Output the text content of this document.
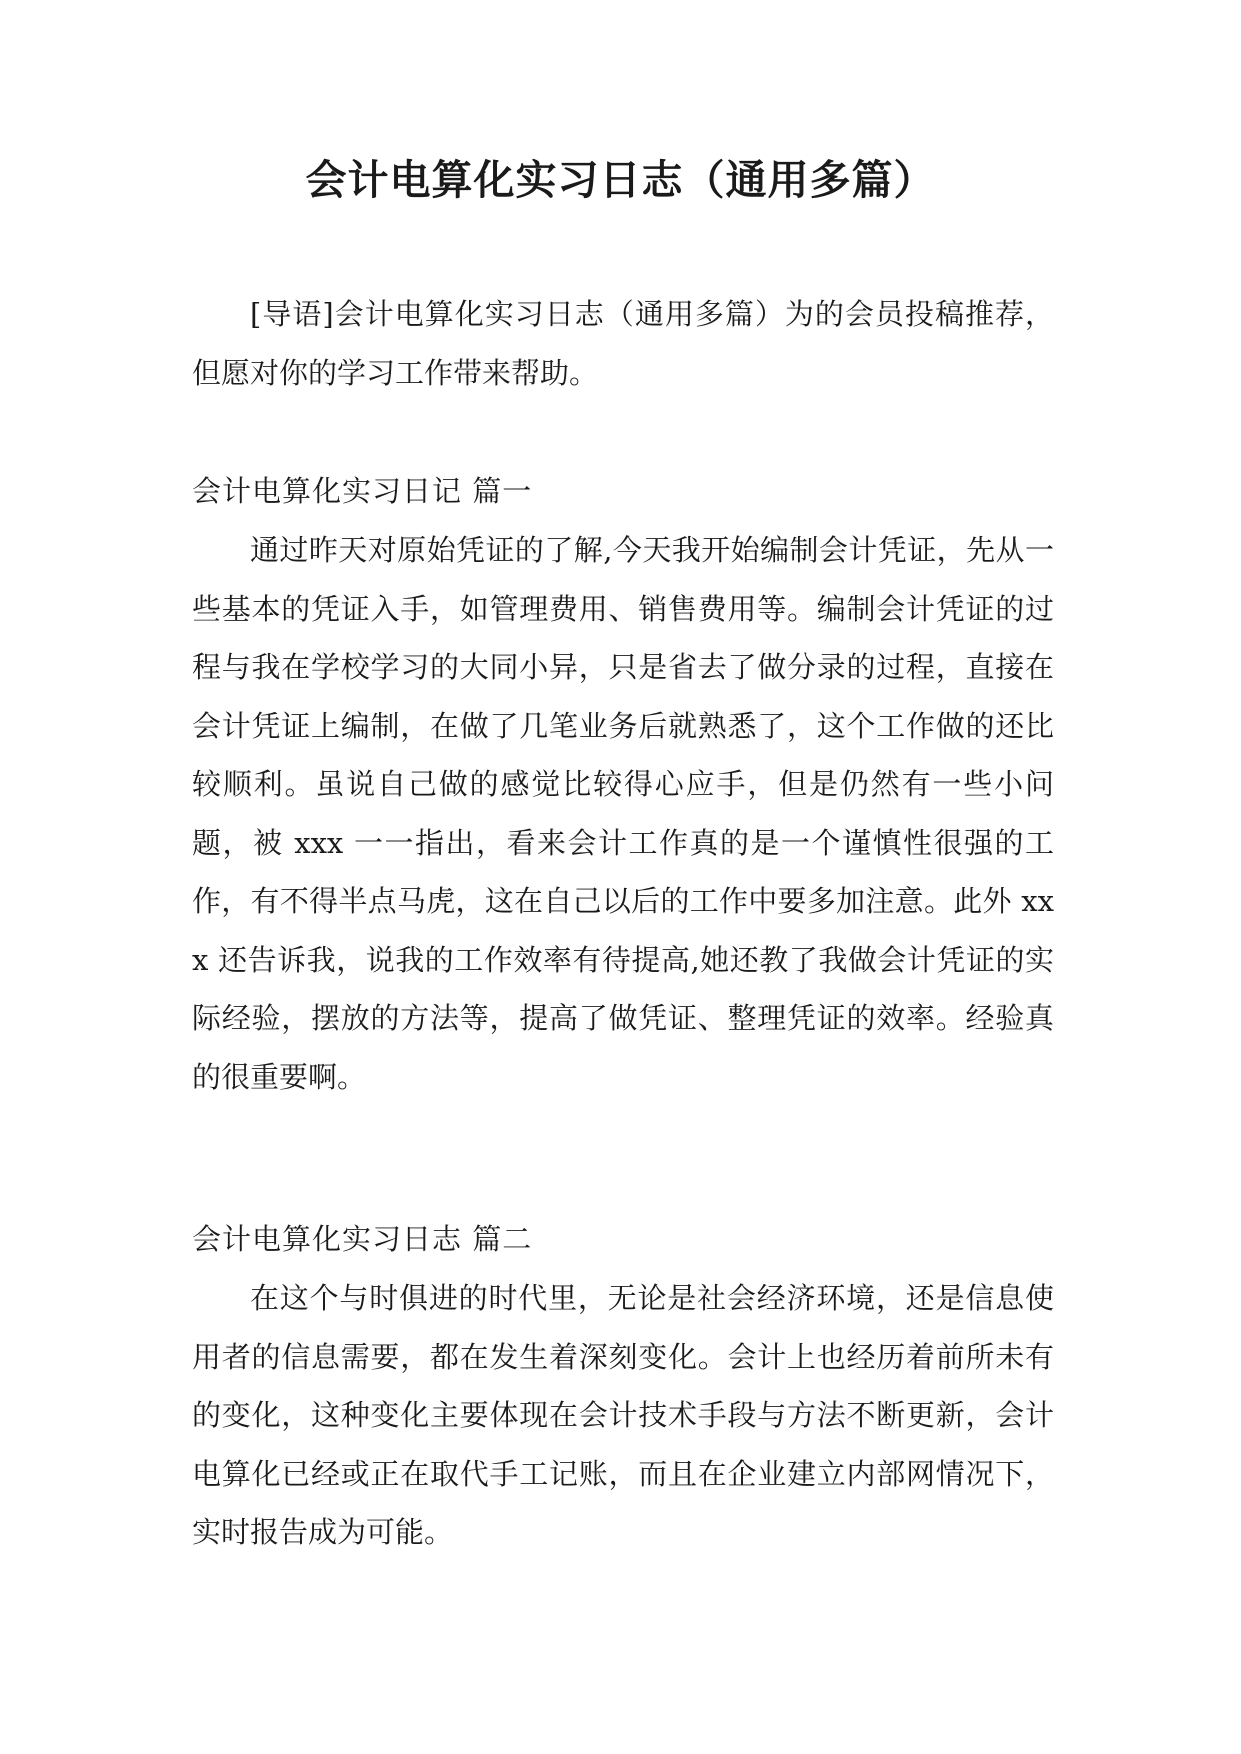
会计电算化实习日志（通用多篇）

[导语]会计电算化实习日志（通用多篇）为的会员投稿推荐，但愿对你的学习工作带来帮助。

会计电算化实习日记 篇一

通过昨天对原始凭证的了解,今天我开始编制会计凭证，先从一些基本的凭证入手，如管理费用、销售费用等。编制会计凭证的过程与我在学校学习的大同小异，只是省去了做分录的过程，直接在会计凭证上编制，在做了几笔业务后就熟悉了，这个工作做的还比较顺利。虽说自己做的感觉比较得心应手，但是仍然有一些小问题，被 xxx 一一指出，看来会计工作真的是一个谨慎性很强的工作，有不得半点马虎，这在自己以后的工作中要多加注意。此外 xxx 还告诉我，说我的工作效率有待提高,她还教了我做会计凭证的实际经验，摆放的方法等，提高了做凭证、整理凭证的效率。经验真的很重要啊。

会计电算化实习日志 篇二

在这个与时俱进的时代里，无论是社会经济环境，还是信息使用者的信息需要，都在发生着深刻变化。会计上也经历着前所未有的变化，这种变化主要体现在会计技术手段与方法不断更新，会计电算化已经或正在取代手工记账，而且在企业建立内部网情况下，实时报告成为可能。
